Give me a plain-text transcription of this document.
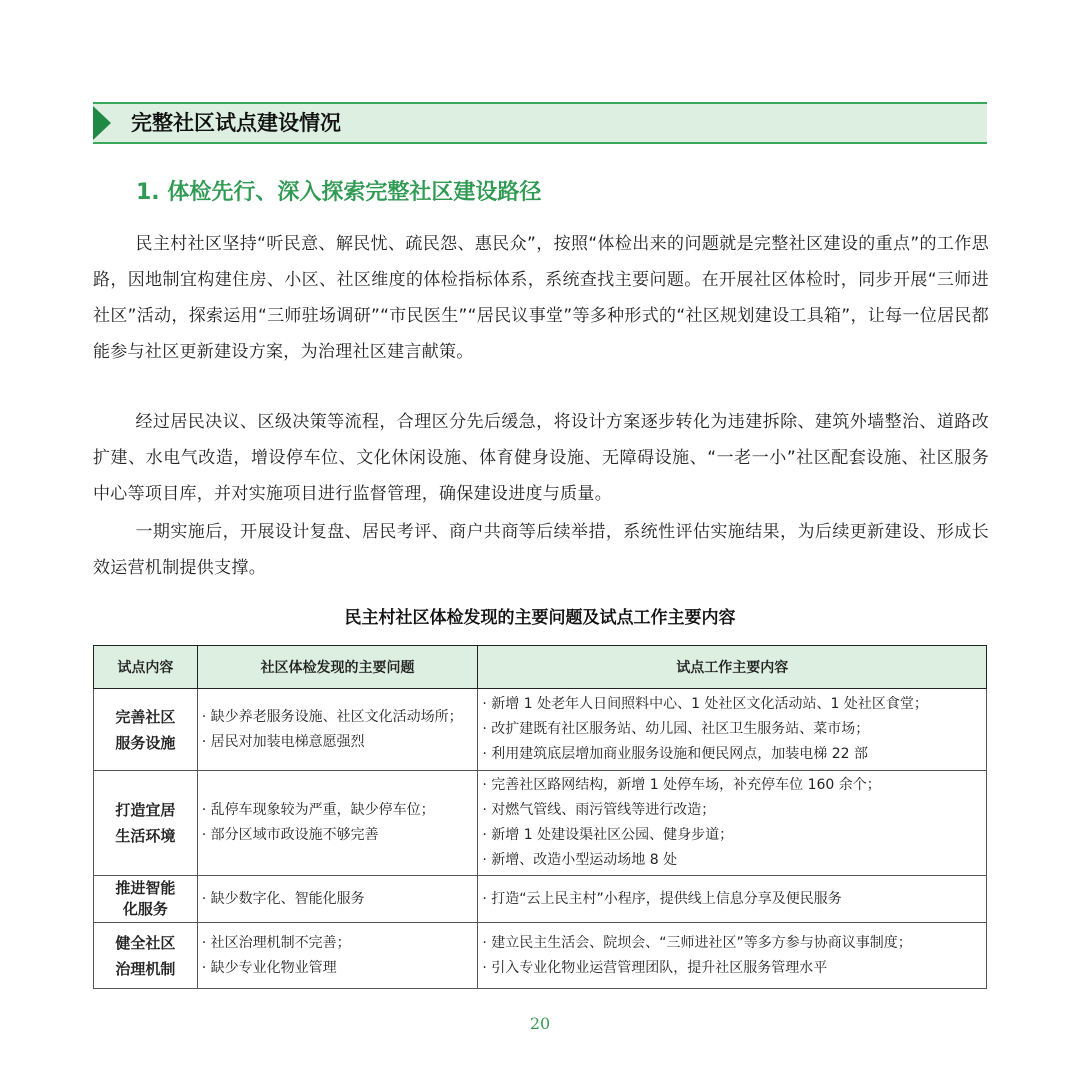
完整社区试点建设情况
1. 体检先行、深入探索完整社区建设路径

民主村社区坚持“听民意、解民忧、疏民怨、惠民众”，按照“体检出来的问题就是完整社区建设的重点”的工作思路，因地制宜构建住房、小区、社区维度的体检指标体系，系统查找主要问题。在开展社区体检时，同步开展“三师进社区”活动，探索运用“三师驻场调研”“市民医生”“居民议事堂”等多种形式的“社区规划建设工具箱”，让每一位居民都能参与社区更新建设方案，为治理社区建言献策。

经过居民决议、区级决策等流程，合理区分先后缓急，将设计方案逐步转化为违建拆除、建筑外墙整治、道路改扩建、水电气改造，增设停车位、文化休闲设施、体育健身设施、无障碍设施、“一老一小”社区配套设施、社区服务中心等项目库，并对实施项目进行监督管理，确保建设进度与质量。

一期实施后，开展设计复盘、居民考评、商户共商等后续举措，系统性评估实施结果，为后续更新建设、形成长效运营机制提供支撑。

民主村社区体检发现的主要问题及试点工作主要内容
试点内容	社区体检发现的主要问题	试点工作主要内容

完善社区
服务设施	· 缺少养老服务设施、社区文化活动场所；
· 居民对加装电梯意愿强烈	· 新增 1 处老年人日间照料中心、1 处社区文化活动站、1 处社区食堂；
· 改扩建既有社区服务站、幼儿园、社区卫生服务站、菜市场；
· 利用建筑底层增加商业服务设施和便民网点，加装电梯 22 部

打造宜居
生活环境	· 乱停车现象较为严重，缺少停车位；
· 部分区域市政设施不够完善	· 完善社区路网结构，新增 1 处停车场，补充停车位 160 余个；
· 对燃气管线、雨污管线等进行改造；
· 新增 1 处建设渠社区公园、健身步道；
· 新增、改造小型运动场地 8 处

推进智能
化服务	· 缺少数字化、智能化服务	· 打造“云上民主村”小程序，提供线上信息分享及便民服务

健全社区
治理机制	· 社区治理机制不完善；
· 缺少专业化物业管理	· 建立民主生活会、院坝会、“三师进社区”等多方参与协商议事制度；
· 引入专业化物业运营管理团队，提升社区服务管理水平
20
